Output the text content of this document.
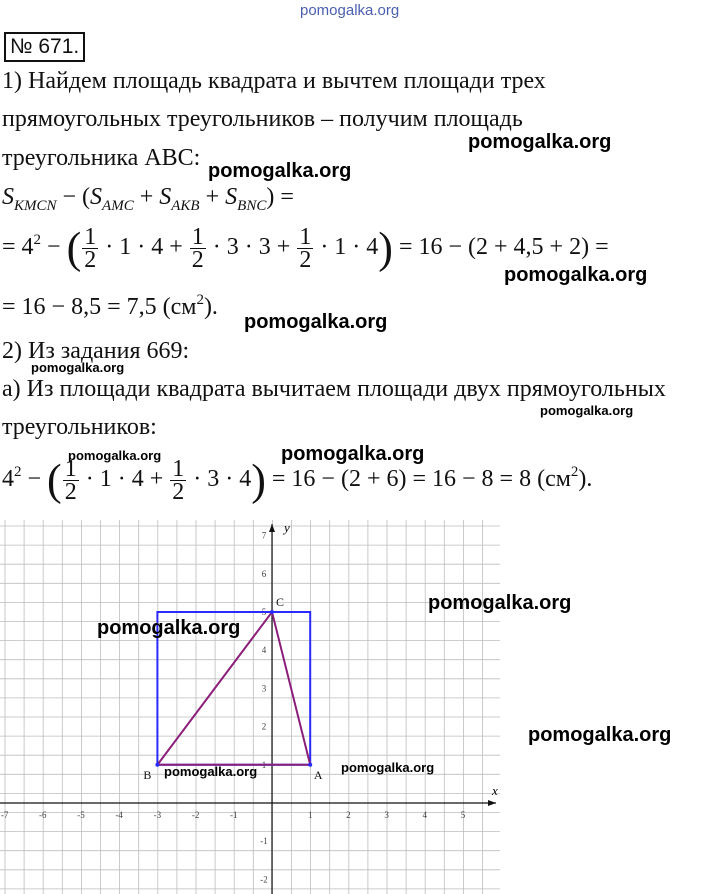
pomogalka.org
№ 671.
1) Найдем площадь квадрата и вычтем площади трех
прямоугольных треугольников – получим площадь
треугольника ABC:
pomogalka.org
pomogalka.org
$S_{KMCN} - (S_{AMC} + S_{AKB} + S_{BNC})$ =
= $4^2$ − ( $\frac{1}{2} \cdot 1 \cdot 4 + \frac{1}{2} \cdot 3 \cdot 3 + \frac{1}{2} \cdot 1 \cdot 4) = 16 - (2 + 4,5 + 2)$ =
pomogalka.org
= 16 − 8,5 = 7,5 $(см^2)$.
pomogalka.org
2) Из задания 669:
pomogalka.org
а) Из площади квадрата вычитаем площади двух прямоугольных
pomogalka.org
треугольников:
pomogalka.org
pomogalka.org
$4^2$ − ( $\frac{1}{2} \cdot 1 \cdot 4 + \frac{1}{2} \cdot 3 \cdot 4) = 16 - (2 + 6) = 16 - 8 = 8$ $(см^2)$.
-7	-6	-5	-4	-3	-2	-1	1	2	3	4	5
-2
-1
1
2
3
4
5
6
7
A
B
C
x
y
pomogalka.org
pomogalka.org
pomogalka.org
pomogalka.org	pomogalka.org
